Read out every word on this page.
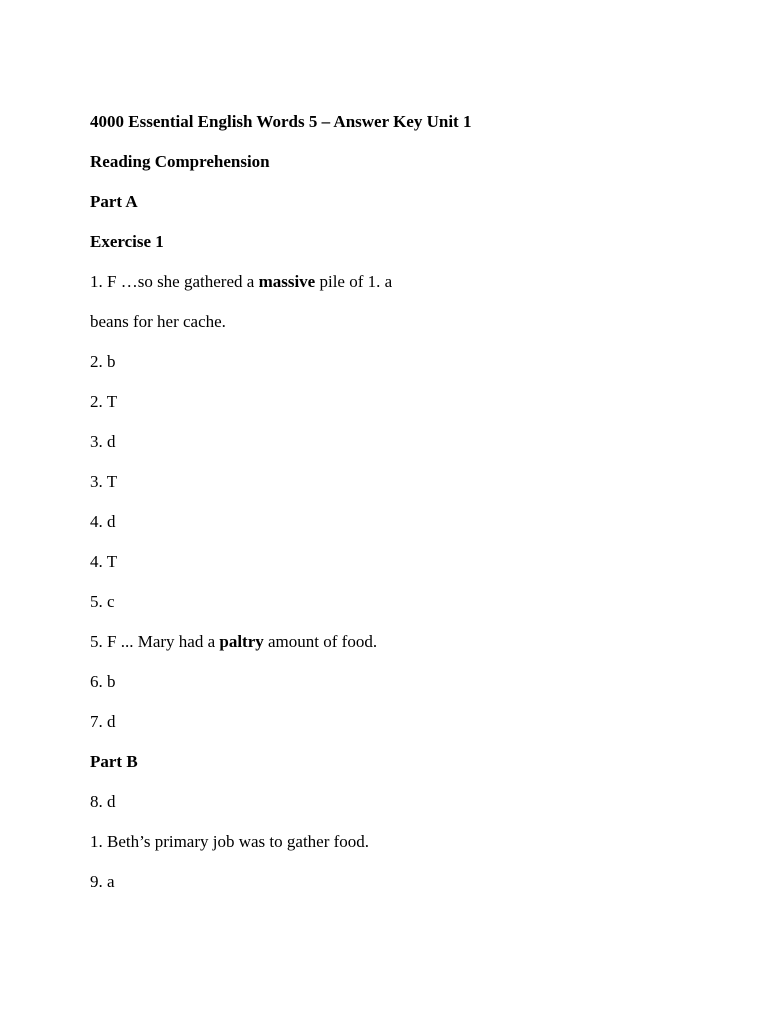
4000 Essential English Words 5 – Answer Key Unit 1
Reading Comprehension
Part A
Exercise 1
1. F …so she gathered a massive pile of 1. a
beans for her cache.
2. b
2. T
3. d
3. T
4. d
4. T
5. c
5. F ... Mary had a paltry amount of food.
6. b
7. d
Part B
8. d
1. Beth’s primary job was to gather food.
9. a
